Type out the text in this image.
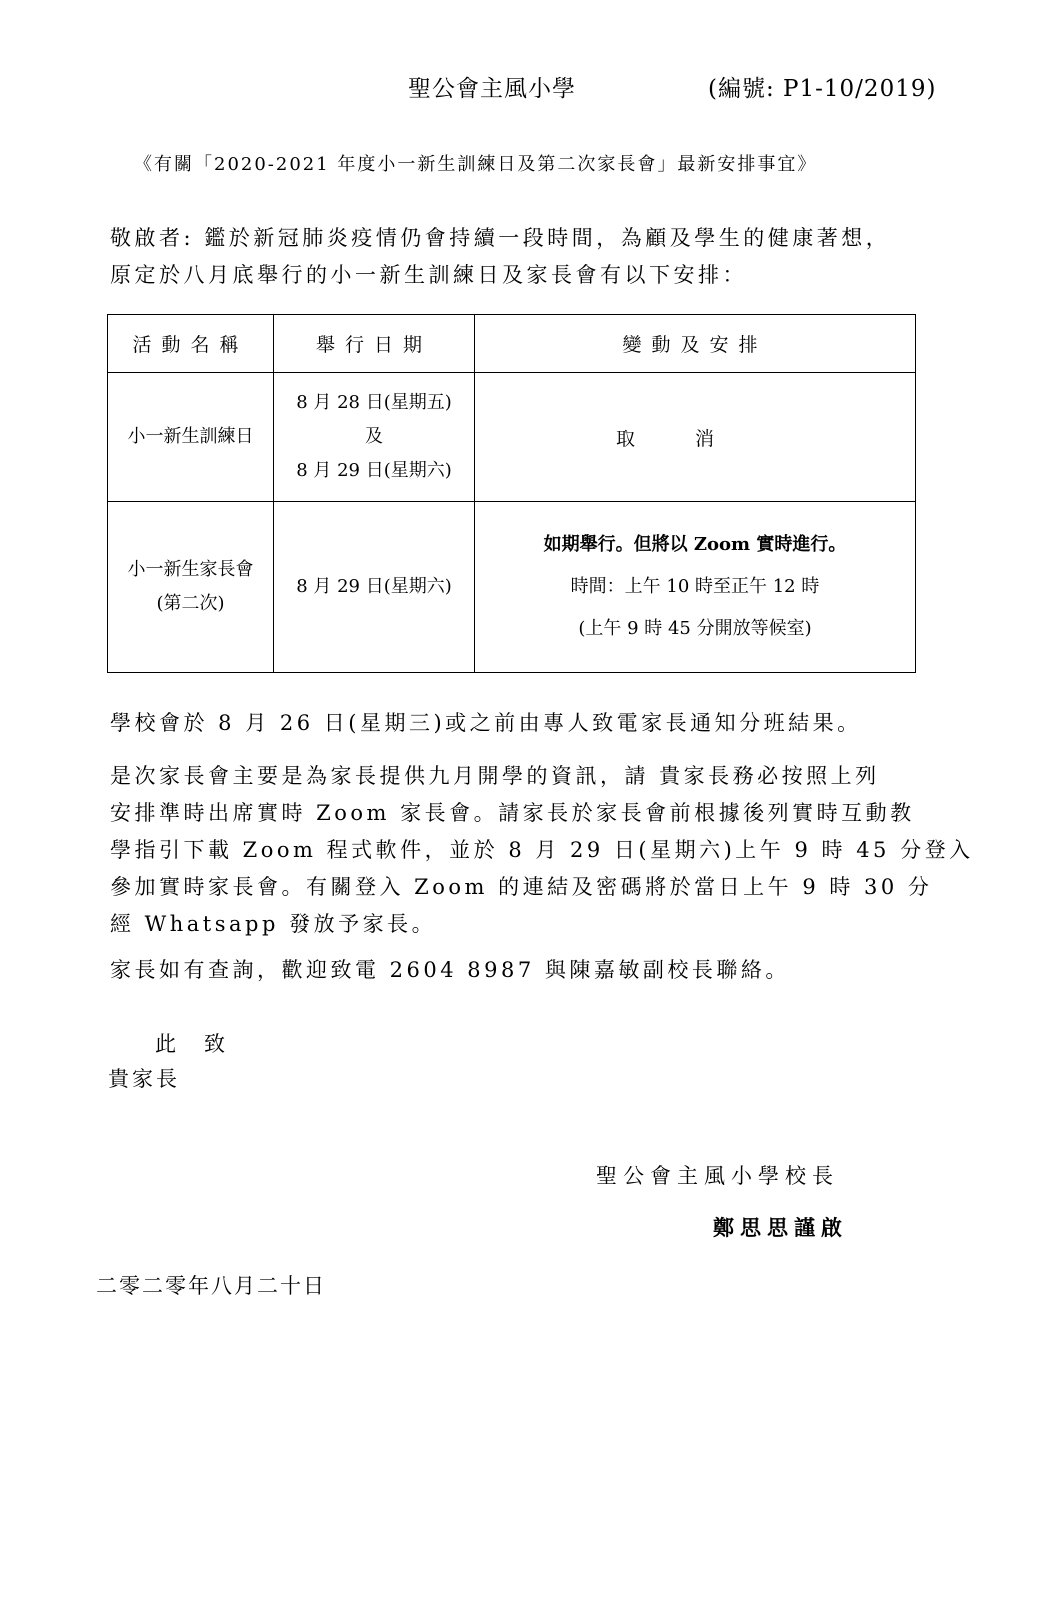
聖公會主風小學	(編號: P1-10/2019)
《有關「2020-2021 年度小一新生訓練日及第二次家長會」最新安排事宜》
敬啟者: 鑑於新冠肺炎疫情仍會持續一段時間，為顧及學生的健康著想，
原定於八月底舉行的小一新生訓練日及家長會有以下安排：
活動名稱	舉行日期	變動及安排

小一新生訓練日	8 月 28 日(星期五)
及
8 月 29 日(星期六)	取消

小一新生家長會
(第二次)	8 月 29 日(星期六)	如期舉行。但將以 Zoom 實時進行。
時間：上午 10 時至正午 12 時
(上午 9 時 45 分開放等候室)
學校會於 8 月 26 日(星期三)或之前由專人致電家長通知分班結果。
是次家長會主要是為家長提供九月開學的資訊，請 貴家長務必按照上列
安排準時出席實時 Zoom 家長會。請家長於家長會前根據後列實時互動教
學指引下載 Zoom 程式軟件，並於 8 月 29 日(星期六)上午 9 時 45 分登入
參加實時家長會。有關登入 Zoom 的連結及密碼將於當日上午 9 時 30 分
經 Whatsapp 發放予家長。
家長如有查詢，歡迎致電 2604 8987 與陳嘉敏副校長聯絡。
此致
貴家長
聖公會主風小學校長
鄭思思謹啟
二零二零年八月二十日
